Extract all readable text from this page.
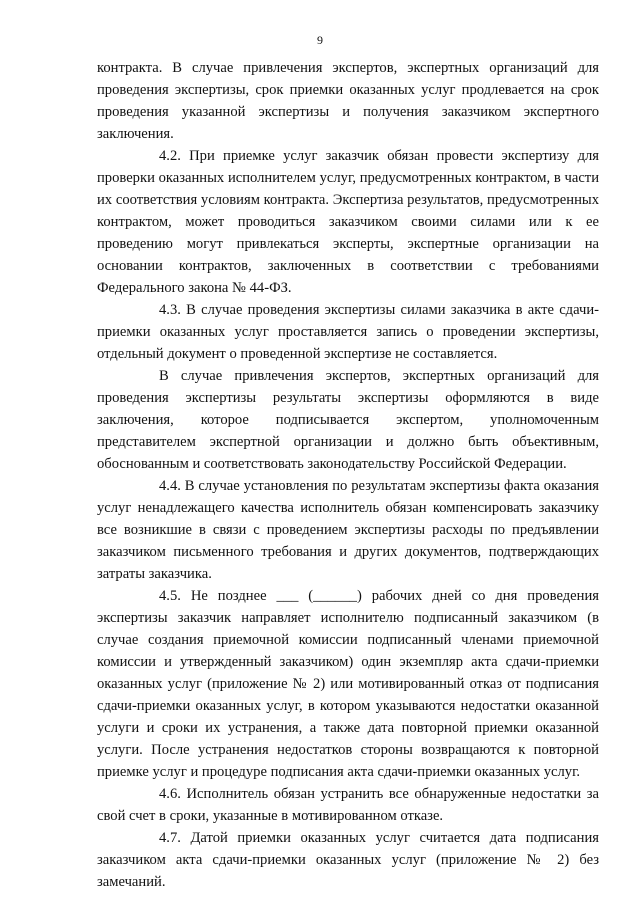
9

контракта. В случае привлечения экспертов, экспертных организаций для проведения экспертизы, срок приемки оказанных услуг продлевается на срок проведения указанной экспертизы и получения заказчиком экспертного заключения.

4.2. При приемке услуг заказчик обязан провести экспертизу для проверки оказанных исполнителем услуг, предусмотренных контрактом, в части их соответствия условиям контракта. Экспертиза результатов, предусмотренных контрактом, может проводиться заказчиком своими силами или к ее проведению могут привлекаться эксперты, экспертные организации на основании контрактов, заключенных в соответствии с требованиями Федерального закона № 44-ФЗ.

4.3. В случае проведения экспертизы силами заказчика в акте сдачи-приемки оказанных услуг проставляется запись о проведении экспертизы, отдельный документ о проведенной экспертизе не составляется.

В случае привлечения экспертов, экспертных организаций для проведения экспертизы результаты экспертизы оформляются в виде заключения, которое подписывается экспертом, уполномоченным представителем экспертной организации и должно быть объективным, обоснованным и соответствовать законодательству Российской Федерации.

4.4. В случае установления по результатам экспертизы факта оказания услуг ненадлежащего качества исполнитель обязан компенсировать заказчику все возникшие в связи с проведением экспертизы расходы по предъявлении заказчиком письменного требования и других документов, подтверждающих затраты заказчика.

4.5. Не позднее ___ (______) рабочих дней со дня проведения экспертизы заказчик направляет исполнителю подписанный заказчиком (в случае создания приемочной комиссии подписанный членами приемочной комиссии и утвержденный заказчиком) один экземпляр акта сдачи-приемки оказанных услуг (приложение № 2) или мотивированный отказ от подписания сдачи-приемки оказанных услуг, в котором указываются недостатки оказанной услуги и сроки их устранения, а также дата повторной приемки оказанной услуги. После устранения недостатков стороны возвращаются к повторной приемке услуг и процедуре подписания акта сдачи-приемки оказанных услуг.

4.6. Исполнитель обязан устранить все обнаруженные недостатки за свой счет в сроки, указанные в мотивированном отказе.

4.7. Датой приемки оказанных услуг считается дата подписания заказчиком акта сдачи-приемки оказанных услуг (приложение № 2) без замечаний.
